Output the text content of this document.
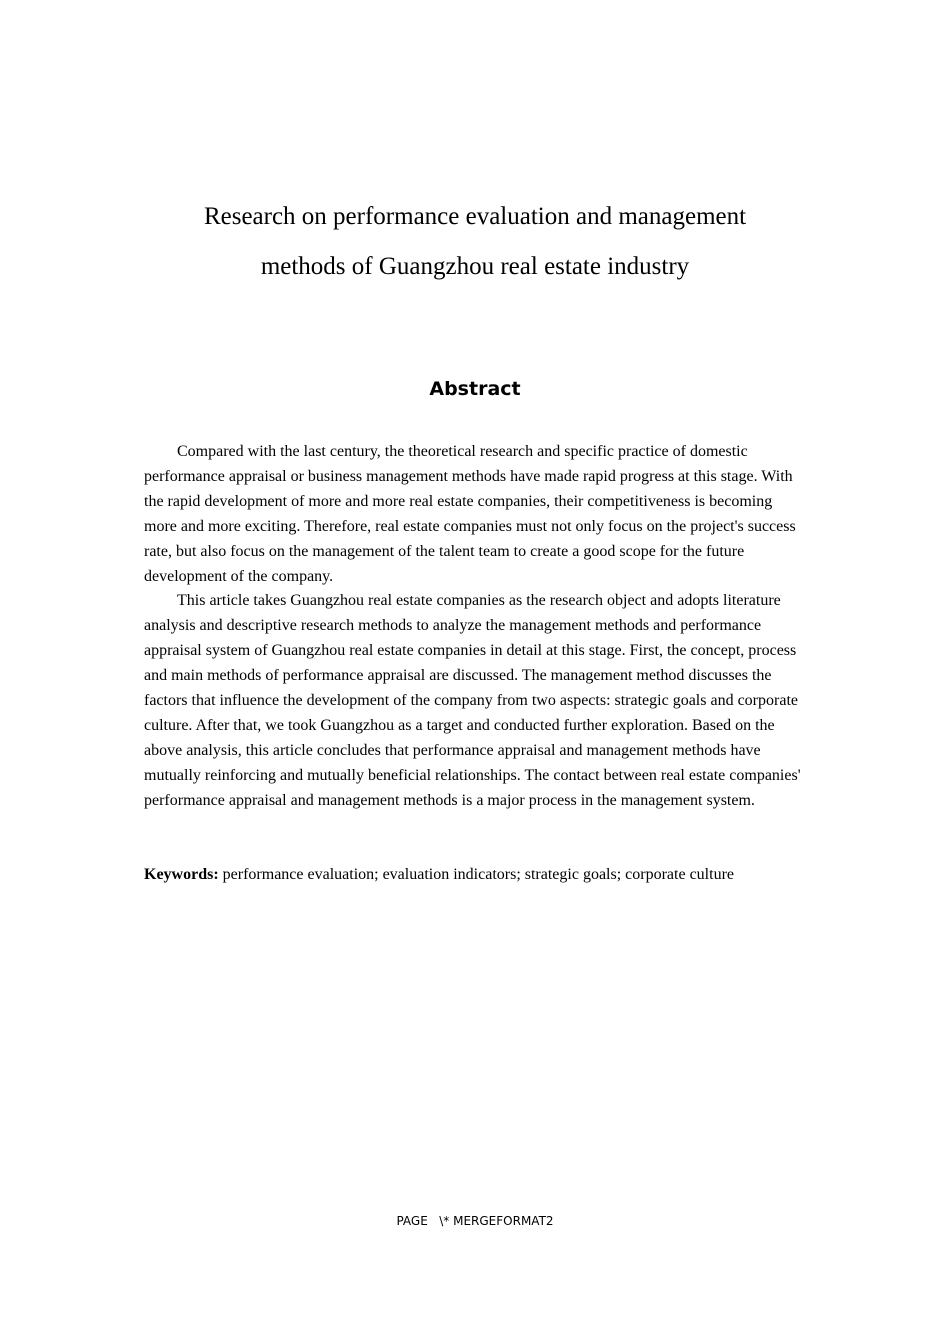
Research on performance evaluation and management
methods of Guangzhou real estate industry
Abstract

Compared with the last century, the theoretical research and specific practice of domestic performance appraisal or business management methods have made rapid progress at this stage. With the rapid development of more and more real estate companies, their competitiveness is becoming more and more exciting. Therefore, real estate companies must not only focus on the project's success rate, but also focus on the management of the talent team to create a good scope for the future development of the company.

This article takes Guangzhou real estate companies as the research object and adopts literature analysis and descriptive research methods to analyze the management methods and performance appraisal system of Guangzhou real estate companies in detail at this stage. First, the concept, process and main methods of performance appraisal are discussed. The management method discusses the factors that influence the development of the company from two aspects: strategic goals and corporate culture. After that, we took Guangzhou as a target and conducted further exploration. Based on the above analysis, this article concludes that performance appraisal and management methods have mutually reinforcing and mutually beneficial relationships. The contact between real estate companies' performance appraisal and management methods is a major process in the management system.

Keywords: performance evaluation; evaluation indicators; strategic goals; corporate culture
PAGE   \* MERGEFORMAT2
